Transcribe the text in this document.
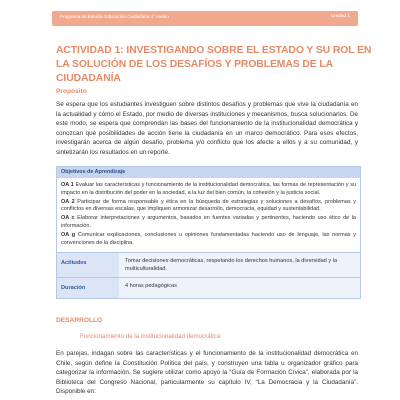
Programa de Estudio Educación Ciudadana 4° medio	Unidad 1
ACTIVIDAD 1: INVESTIGANDO SOBRE EL ESTADO Y SU ROL EN LA SOLUCIÓN DE LOS DESAFÍOS Y PROBLEMAS DE LA CIUDADANÍA
Propósito

Se espera que los estudiantes investiguen sobre distintos desafíos y problemas que vive la ciudadanía en la actualidad y cómo el Estado, por medio de diversas instituciones y mecanismos, busca solucionarlos. De este modo, se espera que comprendan las bases del funcionamiento de la institucionalidad democrática y conozcan qué posibilidades de acción tiene la ciudadanía en un marco democrático. Para esos efectos, investigarán acerca de algún desafío, problema y/o conflicto que los afecte a ellos y a su comunidad, y sintetizarán los resultados en un reporte.

Objetivos de Aprendizaje

OA 1 Evaluar las características y funcionamiento de la institucionalidad democrática, las formas de representación y su impacto en la distribución del poder en la sociedad, a la luz del bien común, la cohesión y la justicia social.

OA 2 Participar de forma responsable y ética en la búsqueda de estrategias y soluciones a desafíos, problemas y conflictos en diversas escalas, que impliquen armonizar desarrollo, democracia, equidad y sustentabilidad.

OA c Elaborar interpretaciones y argumentos, basados en fuentes variadas y pertinentes, haciendo uso ético de la información.

OA g Comunicar explicaciones, conclusiones u opiniones fundamentadas haciendo uso de lenguaje, las normas y convenciones de la disciplina.

Actitudes	Tomar decisiones democráticas, respetando los derechos humanos, la diversidad y la multiculturalidad.
Duración	4 horas pedagógicas
DESARROLLO
Funcionamiento de la institucionalidad democrática

En parejas, indagan sobre las características y el funcionamiento de la institucionalidad democrática en Chile, según define la Constitución Política del país, y construyen una tabla u organizador gráfico para categorizar la información. Se sugiere utilizar como apoyo la “Guía de Formación Cívica”, elaborada por la Biblioteca del Congreso Nacional, particularmente su capítulo IV, “La Democracia y la Ciudadanía”. Disponible en:
